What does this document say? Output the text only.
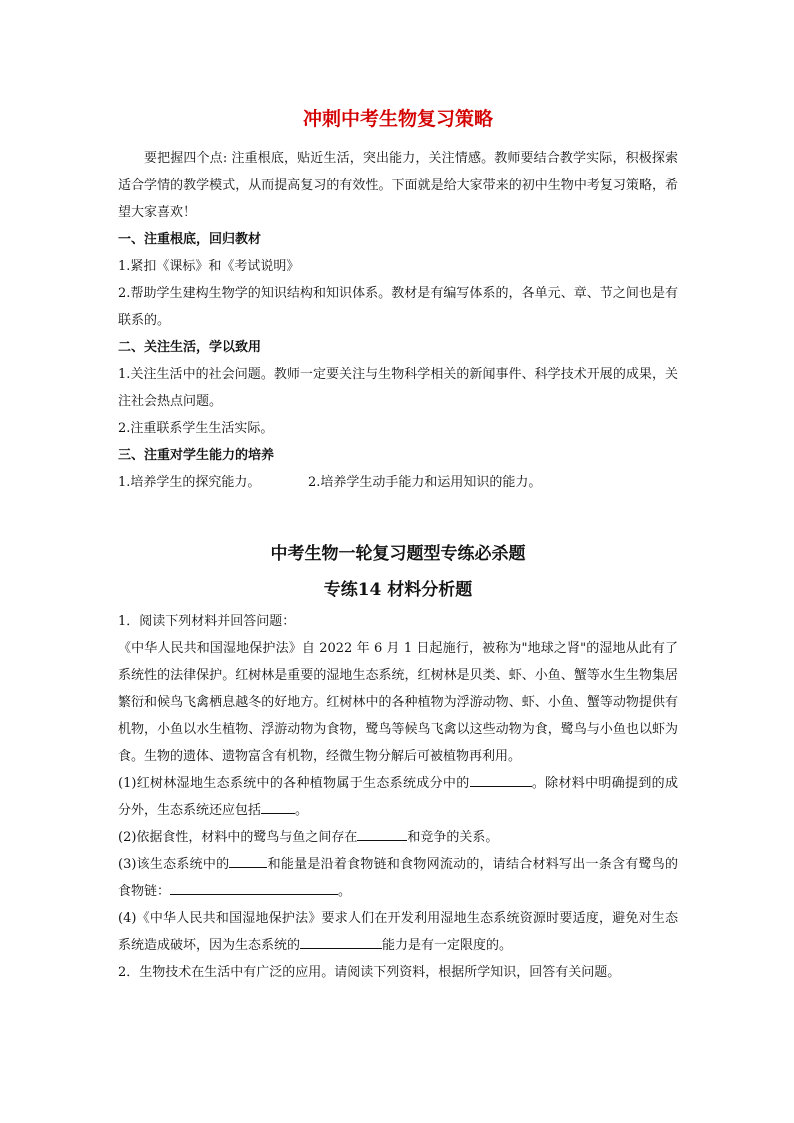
冲刺中考生物复习策略

要把握四个点: 注重根底，贴近生活，突出能力，关注情感。教师要结合教学实际，积极探索适合学情的教学模式，从而提高复习的有效性。下面就是给大家带来的初中生物中考复习策略，希望大家喜欢！

一、注重根底，回归教材

1.紧扣《课标》和《考试说明》

2.帮助学生建构生物学的知识结构和知识体系。教材是有编写体系的，各单元、章、节之间也是有联系的。

二、关注生活，学以致用

1.关注生活中的社会问题。教师一定要关注与生物科学相关的新闻事件、科学技术开展的成果，关注社会热点问题。

2.注重联系学生生活实际。

三、注重对学生能力的培养

1.培养学生的探究能力。	2.培养学生动手能力和运用知识的能力。

中考生物一轮复习题型专练必杀题
专练14 材料分析题

1．阅读下列材料并回答问题：

《中华人民共和国湿地保护法》自 2022 年 6 月 1 日起施行，被称为"地球之肾"的湿地从此有了系统性的法律保护。红树林是重要的湿地生态系统，红树林是贝类、虾、小鱼、蟹等水生生物集居繁衍和候鸟飞禽栖息越冬的好地方。红树林中的各种植物为浮游动物、虾、小鱼、蟹等动物提供有机物，小鱼以水生植物、浮游动物为食物，鹭鸟等候鸟飞禽以这些动物为食，鹭鸟与小鱼也以虾为食。生物的遗体、遗物富含有机物，经微生物分解后可被植物再利用。

(1)红树林湿地生态系统中的各种植物属于生态系统成分中的	。除材料中明确提到的成分外，生态系统还应包括	。

(2)依据食性，材料中的鹭鸟与鱼之间存在	和竞争的关系。

(3)该生态系统中的	和能量是沿着食物链和食物网流动的，请结合材料写出一条含有鹭鸟的食物链：	。

(4)《中华人民共和国湿地保护法》要求人们在开发利用湿地生态系统资源时要适度，避免对生态系统造成破坏，因为生态系统的	能力是有一定限度的。

2．生物技术在生活中有广泛的应用。请阅读下列资料，根据所学知识，回答有关问题。
